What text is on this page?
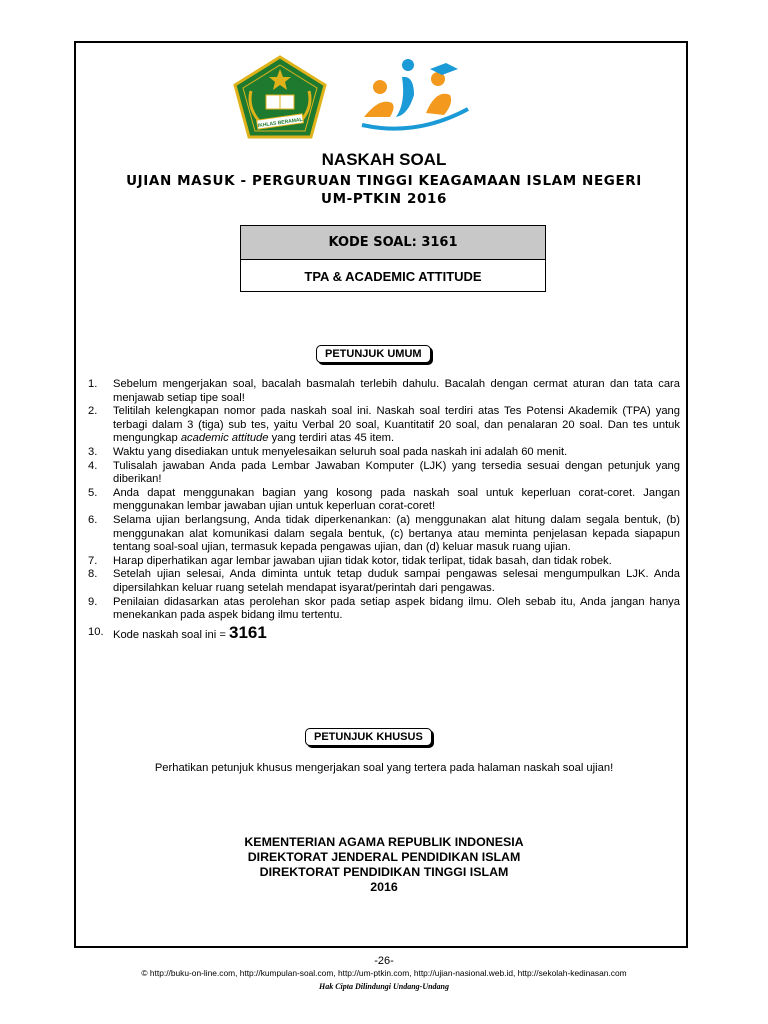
IKHLAS BERAMAL
NASKAH SOAL
UJIAN MASUK - PERGURUAN TINGGI KEAGAMAAN ISLAM NEGERI
UM-PTKIN 2016
KODE SOAL: 3161
TPA & ACADEMIC ATTITUDE
PETUNJUK UMUM
1.	Sebelum mengerjakan soal, bacalah basmalah terlebih dahulu. Bacalah dengan cermat aturan dan tata cara menjawab setiap tipe soal!
2.	Telitilah kelengkapan nomor pada naskah soal ini. Naskah soal terdiri atas Tes Potensi Akademik (TPA) yang terbagi dalam 3 (tiga) sub tes, yaitu Verbal 20 soal, Kuantitatif 20 soal, dan penalaran 20 soal. Dan tes untuk mengungkap academic attitude yang terdiri atas 45 item.
3.	Waktu yang disediakan untuk menyelesaikan seluruh soal pada naskah ini adalah 60 menit.
4.	Tulisalah jawaban Anda pada Lembar Jawaban Komputer (LJK) yang tersedia sesuai dengan petunjuk yang diberikan!
5.	Anda dapat menggunakan bagian yang kosong pada naskah soal untuk keperluan corat-coret. Jangan menggunakan lembar jawaban ujian untuk keperluan corat-coret!
6.	Selama ujian berlangsung, Anda tidak diperkenankan: (a) menggunakan alat hitung dalam segala bentuk, (b) menggunakan alat komunikasi dalam segala bentuk, (c) bertanya atau meminta penjelasan kepada siapapun tentang soal-soal ujian, termasuk kepada pengawas ujian, dan (d) keluar masuk ruang ujian.
7.	Harap diperhatikan agar lembar jawaban ujian tidak kotor, tidak terlipat, tidak basah, dan tidak robek.
8.	Setelah ujian selesai, Anda diminta untuk tetap duduk sampai pengawas selesai mengumpulkan LJK. Anda dipersilahkan keluar ruang setelah mendapat isyarat/perintah dari pengawas.
9.	Penilaian didasarkan atas perolehan skor pada setiap aspek bidang ilmu. Oleh sebab itu, Anda jangan hanya menekankan pada aspek bidang ilmu tertentu.
10. Kode naskah soal ini = 3161
PETUNJUK KHUSUS
Perhatikan petunjuk khusus mengerjakan soal yang tertera pada halaman naskah soal ujian!
KEMENTERIAN AGAMA REPUBLIK INDONESIA
DIREKTORAT JENDERAL PENDIDIKAN ISLAM
DIREKTORAT PENDIDIKAN TINGGI ISLAM
2016
-26-
© http://buku-on-line.com, http://kumpulan-soal.com, http://um-ptkin.com, http://ujian-nasional.web.id, http://sekolah-kedinasan.com
Hak Cipta Dilindungi Undang-Undang
